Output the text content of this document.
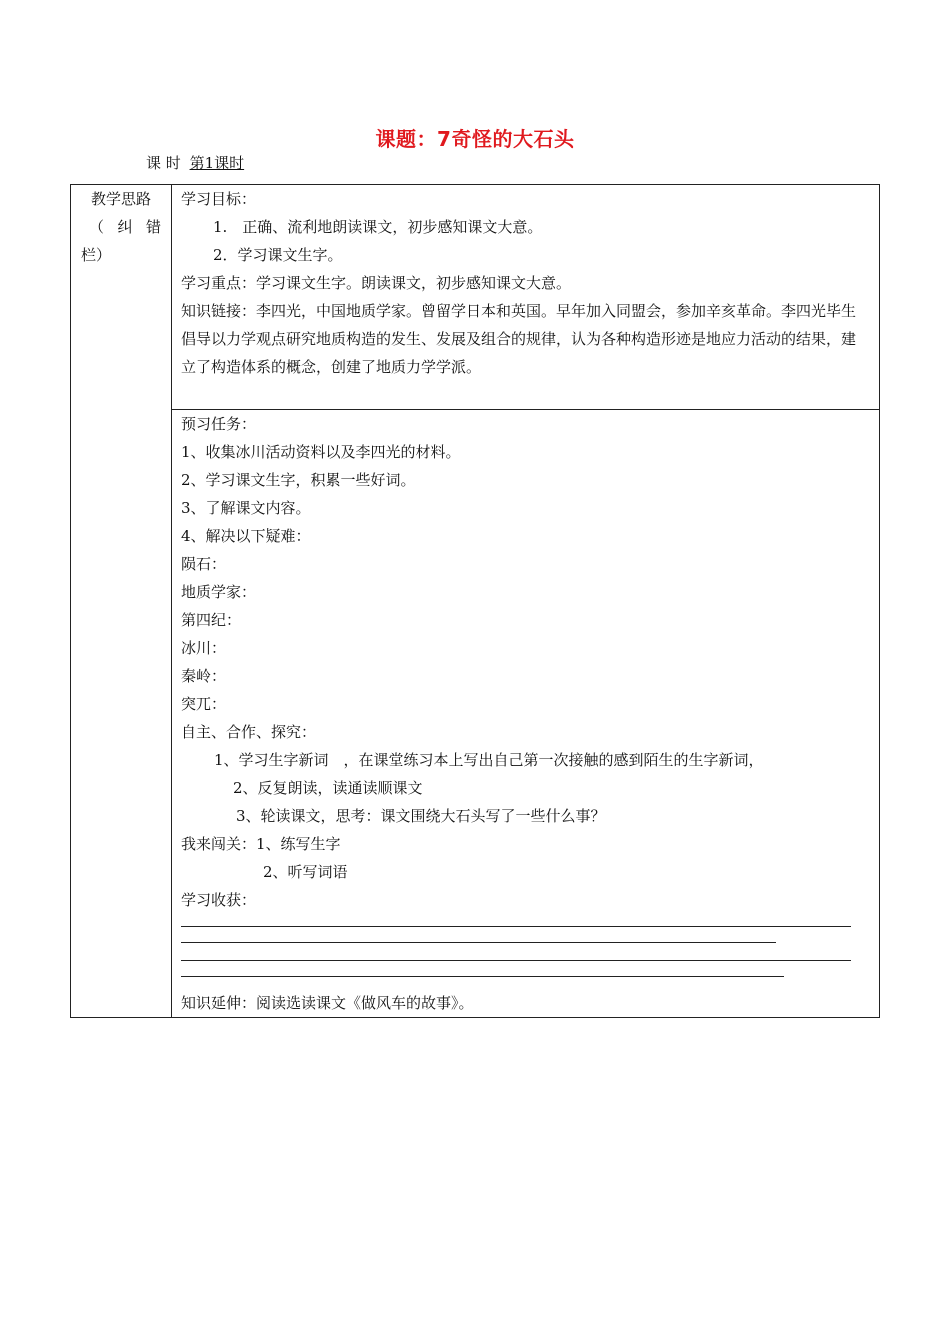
课题：7奇怪的大石头
课 时 第1课时
教学思路
（ 纠 错
栏）

学习目标：
1.　正确、流利地朗读课文，初步感知课文大意。
2．学习课文生字。
学习重点：学习课文生字。朗读课文，初步感知课文大意。
知识链接：李四光，中国地质学家。曾留学日本和英国。早年加入同盟会，参加辛亥革命。李四光毕生倡导以力学观点研究地质构造的发生、发展及组合的规律，认为各种构造形迹是地应力活动的结果，建立了构造体系的概念，创建了地质力学学派。

预习任务：
1、收集冰川活动资料以及李四光的材料。
2、学习课文生字，积累一些好词。
3、了解课文内容。
4、解决以下疑难：
陨石：
地质学家：
第四纪：
冰川：
秦岭：
突兀：
自主、合作、探究：
1、学习生字新词　，在课堂练习本上写出自己第一次接触的感到陌生的生字新词，
2、反复朗读，读通读顺课文
3、轮读课文，思考：课文围绕大石头写了一些什么事？
我来闯关：1、练写生字
2、听写词语
学习收获：
知识延伸：阅读选读课文《做风车的故事》。
